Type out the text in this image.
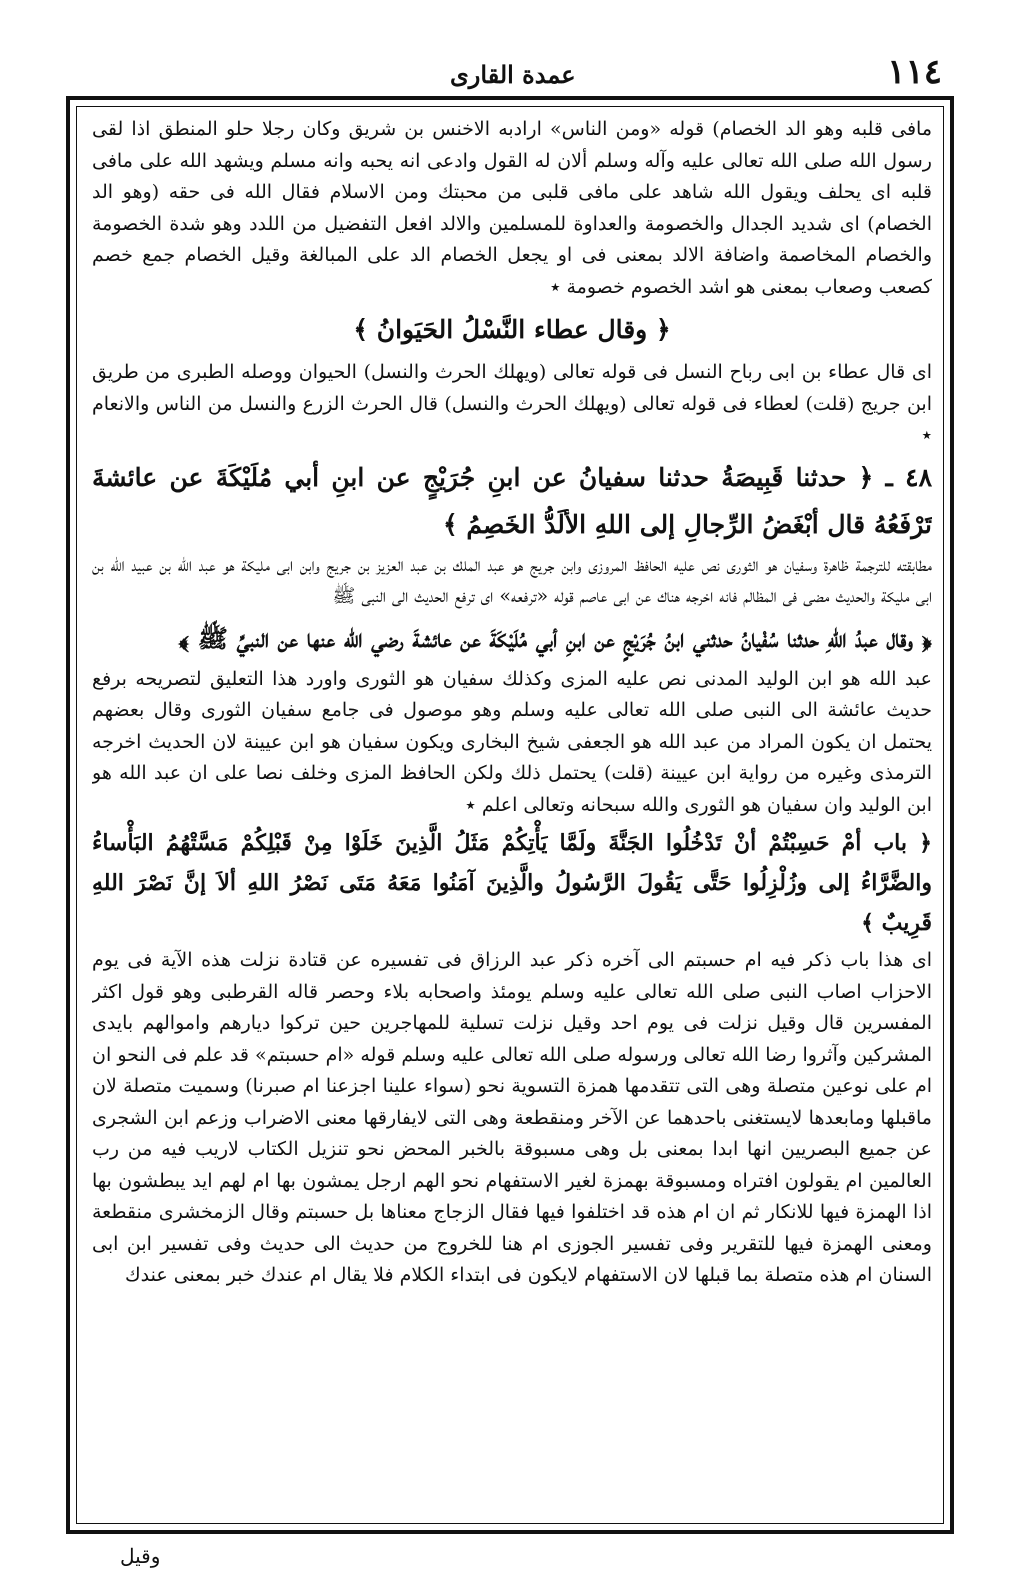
عمدة القاری	١١٤

مافی قلبه وهو الد الخصام) قوله «ومن الناس» ارادبه الاخنس بن شریق وکان رجلا حلو المنطق اذا لقی رسول الله صلی الله تعالی علیه وآله وسلم ألان له القول وادعی انه یحبه وانه مسلم ویشهد الله علی مافی قلبه ای یحلف ویقول الله شاهد علی مافی قلبی من محبتك ومن الاسلام فقال الله فی حقه (وهو الد الخصام) ای شدید الجدال والخصومة والعداوة للمسلمین والالد افعل التفضیل من اللدد وهو شدة الخصومة والخصام المخاصمة واضافة الالد بمعنی فی او یجعل الخصام الد علی المبالغة وقیل الخصام جمع خصم کصعب وصعاب بمعنی هو اشد الخصوم خصومة ٭

﴿ وقال عطاء النَّسْلُ الحَيَوانُ ﴾

ای قال عطاء بن ابی رباح النسل فی قوله تعالی (ویهلك الحرث والنسل) الحیوان ووصله الطبری من طریق ابن جریج (قلت) لعطاء فی قوله تعالی (ویهلك الحرث والنسل) قال الحرث الزرع والنسل من الناس والانعام ٭

٤٨ ـ ﴿ حدثنا قَبِيصَةُ حدثنا سفيانُ عن ابنِ جُرَيْجٍ عن ابنِ أبي مُلَيْكَةَ عن عائشةَ تَرْفَعُهُ قال أبْغَضُ الرِّجالِ إلى اللهِ الألَدُّ الخَصِمُ ﴾

مطابقته للترجمة ظاهرة وسفیان هو الثوری نص علیه الحافظ المروزی وابن جریج هو عبد الملك بن عبد العزیز بن جریج وابن ابی ملیکة هو عبد الله بن عبید الله بن ابی ملیکة والحدیث مضی فی المظالم فانه اخرجه هناك عن ابی عاصم قوله «ترفعه» ای ترفع الحدیث الی النبی ﷺ

﴿ وقال عبدُ اللهِ حدثنا سُفْيانُ حدثني ابنُ جُرَيْجٍ عن ابنِ أبي مُلَيْكَةَ عن عائشةَ رضي الله عنها عن النبيِّ ﷺ ﴾

عبد الله هو ابن الولید المدنی نص علیه المزی وکذلك سفیان هو الثوری واورد هذا التعلیق لتصریحه برفع حدیث عائشة الی النبی صلی الله تعالی علیه وسلم وهو موصول فی جامع سفیان الثوری وقال بعضهم یحتمل ان یکون المراد من عبد الله هو الجعفی شیخ البخاری ویکون سفیان هو ابن عیینة لان الحدیث اخرجه الترمذی وغیره من روایة ابن عیینة (قلت) یحتمل ذلك ولکن الحافظ المزی وخلف نصا علی ان عبد الله هو ابن الولید وان سفیان هو الثوری والله سبحانه وتعالی اعلم ٭

﴿ باب أمْ حَسِبْتُمْ أنْ تَدْخُلُوا الجَنَّةَ ولَمَّا يَأْتِكُمْ مَثَلُ الَّذِينَ خَلَوْا مِنْ قَبْلِكُمْ مَسَّتْهُمُ البَأْساءُ والضَّرَّاءُ إلى وزُلْزِلُوا حَتَّى يَقُولَ الرَّسُولُ والَّذِينَ آمَنُوا مَعَهُ مَتَى نَصْرُ اللهِ ألاَ إنَّ نَصْرَ اللهِ قَرِيبٌ ﴾

ای هذا باب ذکر فیه ام حسبتم الی آخره ذکر عبد الرزاق فی تفسیره عن قتادة نزلت هذه الآیة فی یوم الاحزاب اصاب النبی صلی الله تعالی علیه وسلم یومئذ واصحابه بلاء وحصر قاله القرطبی وهو قول اکثر المفسرین قال وقیل نزلت فی یوم احد وقیل نزلت تسلیة للمهاجرین حین ترکوا دیارهم واموالهم بایدی المشرکین وآثروا رضا الله تعالی ورسوله صلی الله تعالی علیه وسلم قوله «ام حسبتم» قد علم فی النحو ان ام علی نوعین متصلة وهی التی تتقدمها همزة التسویة نحو (سواء علینا اجزعنا ام صبرنا) وسمیت متصلة لان ماقبلها ومابعدها لایستغنی باحدهما عن الآخر ومنقطعة وهی التی لایفارقها معنی الاضراب وزعم ابن الشجری عن جمیع البصریین انها ابدا بمعنی بل وهی مسبوقة بالخبر المحض نحو تنزیل الکتاب لاریب فیه من رب العالمین ام یقولون افتراه ومسبوقة بهمزة لغیر الاستفهام نحو الهم ارجل یمشون بها ام لهم اید یبطشون بها اذا الهمزة فیها للانکار ثم ان ام هذه قد اختلفوا فیها فقال الزجاج معناها بل حسبتم وقال الزمخشری منقطعة ومعنی الهمزة فیها للتقریر وفی تفسیر الجوزی ام هنا للخروج من حدیث الی حدیث وفی تفسیر ابن ابی السنان ام هذه متصلة بما قبلها لان الاستفهام لایکون فی ابتداء الکلام فلا یقال ام عندك خبر بمعنی عندك

وقیل
